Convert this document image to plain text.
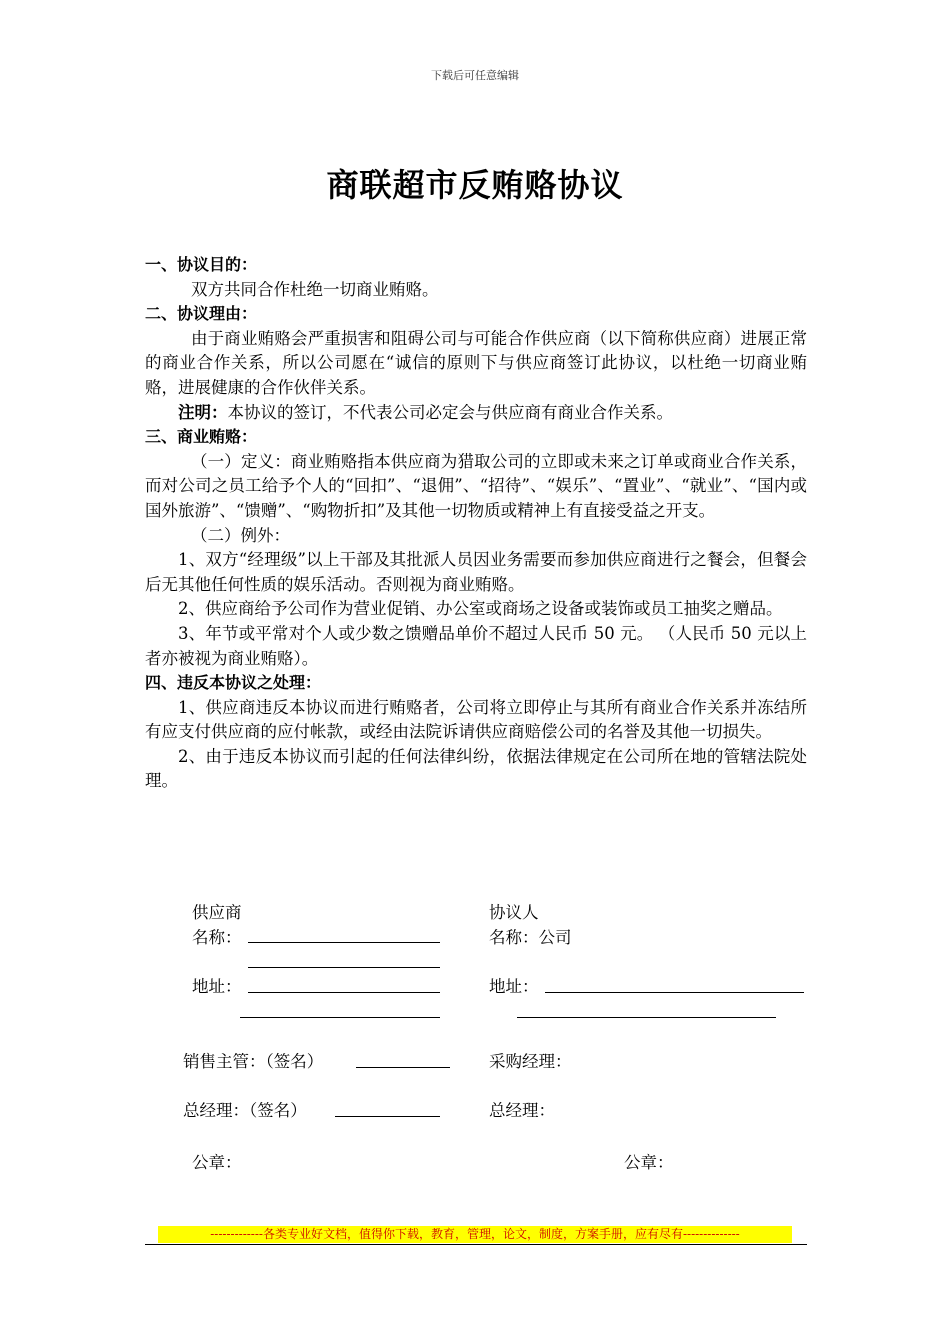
下载后可任意编辑
商联超市反贿赂协议

一、协议目的：

双方共同合作杜绝一切商业贿赂。

二、协议理由：

由于商业贿赂会严重损害和阻碍公司与可能合作供应商（以下简称供应商）进展正常的商业合作关系，所以公司愿在“诚信的原则下与供应商签订此协议，以杜绝一切商业贿赂，进展健康的合作伙伴关系。

注明：本协议的签订，不代表公司必定会与供应商有商业合作关系。

三、商业贿赂：

（一）定义：商业贿赂指本供应商为猎取公司的立即或未来之订单或商业合作关系，而对公司之员工给予个人的“回扣”、“退佣”、“招待”、“娱乐”、“置业”、“就业”、“国内或国外旅游”、“馈赠”、“购物折扣”及其他一切物质或精神上有直接受益之开支。

（二）例外：

1、双方“经理级”以上干部及其批派人员因业务需要而参加供应商进行之餐会，但餐会后无其他任何性质的娱乐活动。否则视为商业贿赂。

2、供应商给予公司作为营业促销、办公室或商场之设备或装饰或员工抽奖之赠品。

3、年节或平常对个人或少数之馈赠品单价不超过人民币 50 元。 （人民币 50 元以上者亦被视为商业贿赂）。

四、违反本协议之处理：

1、供应商违反本协议而进行贿赂者，公司将立即停止与其所有商业合作关系并冻结所有应支付供应商的应付帐款，或经由法院诉请供应商赔偿公司的名誉及其他一切损失。

2、由于违反本协议而引起的任何法律纠纷，依据法律规定在公司所在地的管辖法院处理。

供应商
名称：
地址：
销售主管：（签名）
总经理：（签名）
公章：
协议人
名称：公司
地址：
采购经理：
总经理：
公章：
-------------各类专业好文档，值得你下载，教育，管理，论文，制度，方案手册，应有尽有--------------
